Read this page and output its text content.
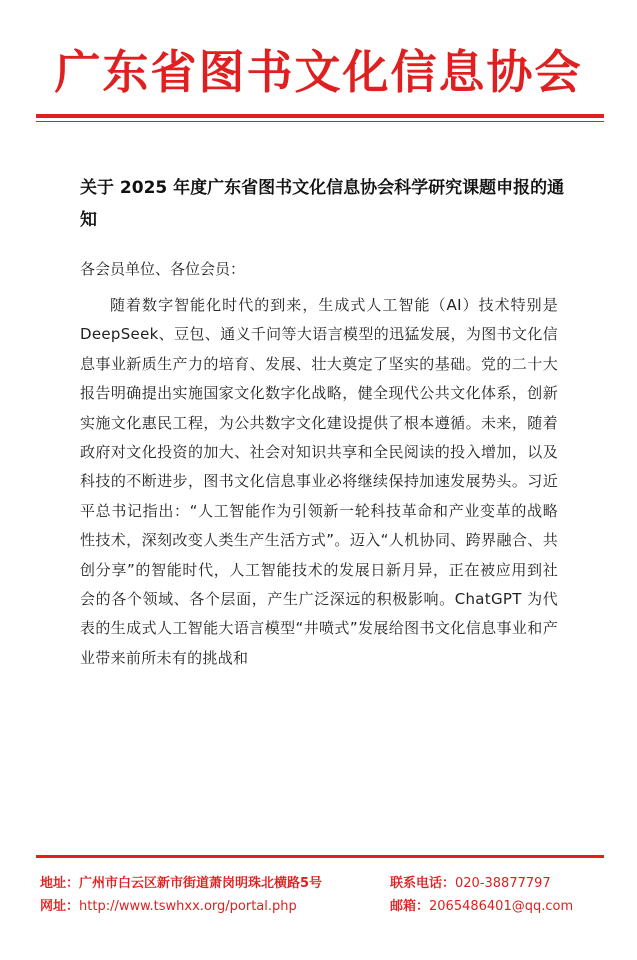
广东省图书文化信息协会
关于 2025 年度广东省图书文化信息协会科学研究课题申报的通知
各会员单位、各位会员：
随着数字智能化时代的到来，生成式人工智能（AI）技术特别是 DeepSeek、豆包、通义千问等大语言模型的迅猛发展，为图书文化信息事业新质生产力的培育、发展、壮大奠定了坚实的基础。党的二十大报告明确提出实施国家文化数字化战略，健全现代公共文化体系，创新实施文化惠民工程，为公共数字文化建设提供了根本遵循。未来，随着政府对文化投资的加大、社会对知识共享和全民阅读的投入增加，以及科技的不断进步，图书文化信息事业必将继续保持加速发展势头。习近平总书记指出：“人工智能作为引领新一轮科技革命和产业变革的战略性技术，深刻改变人类生产生活方式”。迈入“人机协同、跨界融合、共创分享”的智能时代，人工智能技术的发展日新月异，正在被应用到社会的各个领域、各个层面，产生广泛深远的积极影响。ChatGPT 为代表的生成式人工智能大语言模型“井喷式”发展给图书文化信息事业和产业带来前所未有的挑战和
地址：广州市白云区新市街道萧岗明珠北横路5号	联系电话：020-38877797
网址：http://www.tswhxx.org/portal.php	邮箱：2065486401@qq.com
